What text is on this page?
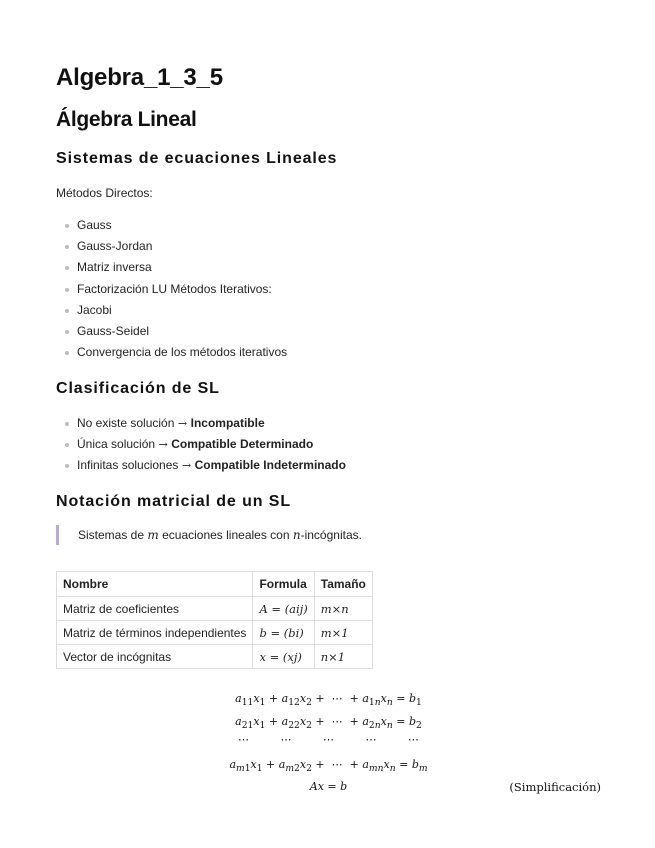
Algebra_1_3_5
Álgebra Lineal
Sistemas de ecuaciones Lineales
Métodos Directos:
Gauss
Gauss-Jordan
Matriz inversa
Factorización LU Métodos Iterativos:
Jacobi
Gauss-Seidel
Convergencia de los métodos iterativos
Clasificación de SL
No existe solución → Incompatible
Única solución → Compatible Determinado
Infinitas soluciones → Compatible Indeterminado
Notación matricial de un SL
Sistemas de m ecuaciones lineales con n-incógnitas.
Nombre	Formula	Tamaño
Matriz de coeficientes	A = (aij)	m×n
Matriz de términos independientes	b = (bi)	m×1
Vector de incógnitas	x = (xj)	n×1
$a_{11}x_1 + a_{12}x_2$ +  ⋯  + $a_{1n}x_n = b_1$
$a_{21}x_1 + a_{22}x_2$ +  ⋯  + $a_{2n}x_n = b_2$
⋯         ⋯         ⋯         ⋯         ⋯
$a_{m1}x_1 + a_{m2}x_2$ +  ⋯  + $a_{mn}x_n = b_m$
Ax = b	(Simplificación)
